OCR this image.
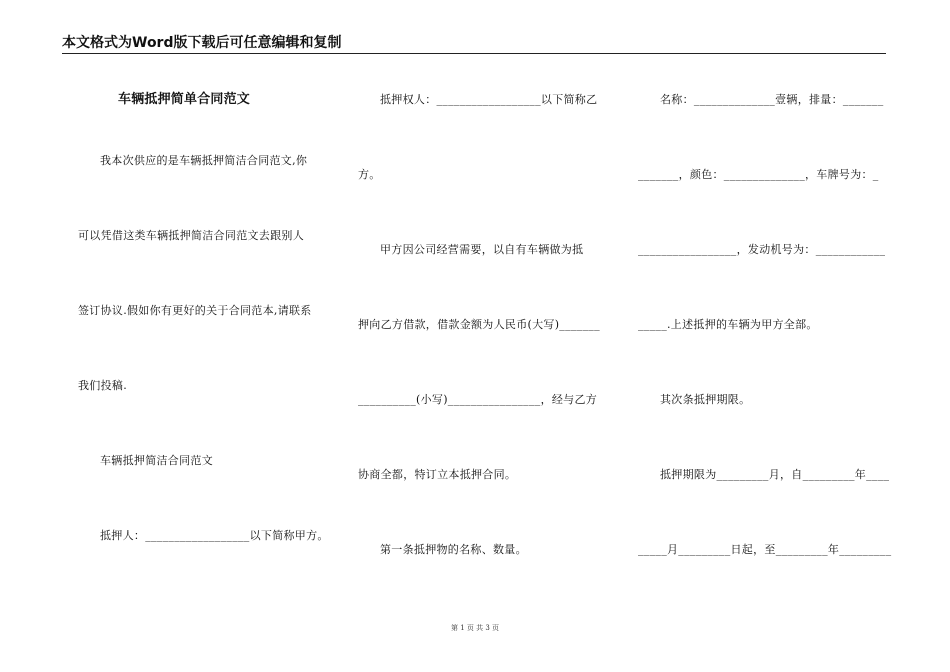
本文格式为Word版下载后可任意编辑和复制
车辆抵押简单合同范文
我本次供应的是车辆抵押简洁合同范文,你
可以凭借这类车辆抵押简洁合同范文去跟别人
签订协议.假如你有更好的关于合同范本,请联系
我们投稿.
车辆抵押简洁合同范文
抵押人：__________________以下简称甲方。
抵押权人：__________________以下简称乙
方。
甲方因公司经营需要，以自有车辆做为抵
押向乙方借款，借款金额为人民币(大写)_______
__________(小写)________________，经与乙方
协商全都，特订立本抵押合同。
第一条抵押物的名称、数量。
名称：______________壹辆，排量：_______
_______，颜色：______________，车牌号为：_
_________________，发动机号为：____________
_____.上述抵押的车辆为甲方全部。
其次条抵押期限。
抵押期限为_________月，自_________年____
_____月_________日起，至_________年_________
第 1 页 共 3 页
